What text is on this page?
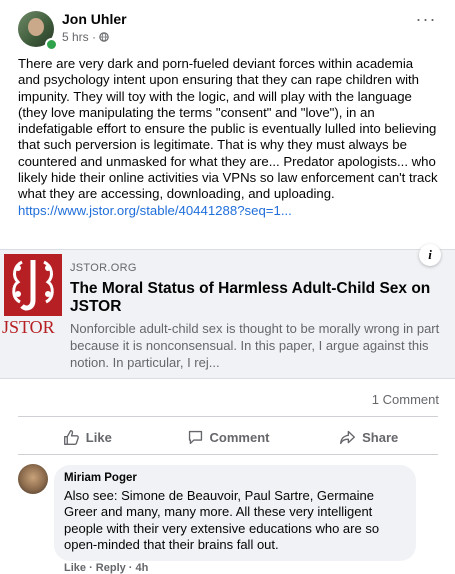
Jon Uhler
5 hrs ·
···

There are very dark and porn-fueled deviant forces within academia and psychology intent upon ensuring that they can rape children with impunity. They will toy with the logic, and will play with the language (they love manipulating the terms "consent" and "love"), in an indefatigable effort to ensure the public is eventually lulled into believing that such perversion is legitimate. That is why they must always be countered and unmasked for what they are... Predator apologists... who likely hide their online activities via VPNs so law enforcement can't track what they are accessing, downloading, and uploading.

https://www.jstor.org/stable/40441288?seq=1...
JSTOR
i
JSTOR.ORG
The Moral Status of Harmless Adult-Child Sex on JSTOR
Nonforcible adult-child sex is thought to be morally wrong in part because it is nonconsensual. In this paper, I argue against this notion. In particular, I rej...
1 Comment
Like	Comment	Share
Miriam Poger
Also see: Simone de Beauvoir, Paul Sartre, Germaine Greer and many, many more. All these very intelligent people with their very extensive educations who are so open-minded that their brains fall out.
Like · Reply · 4h
